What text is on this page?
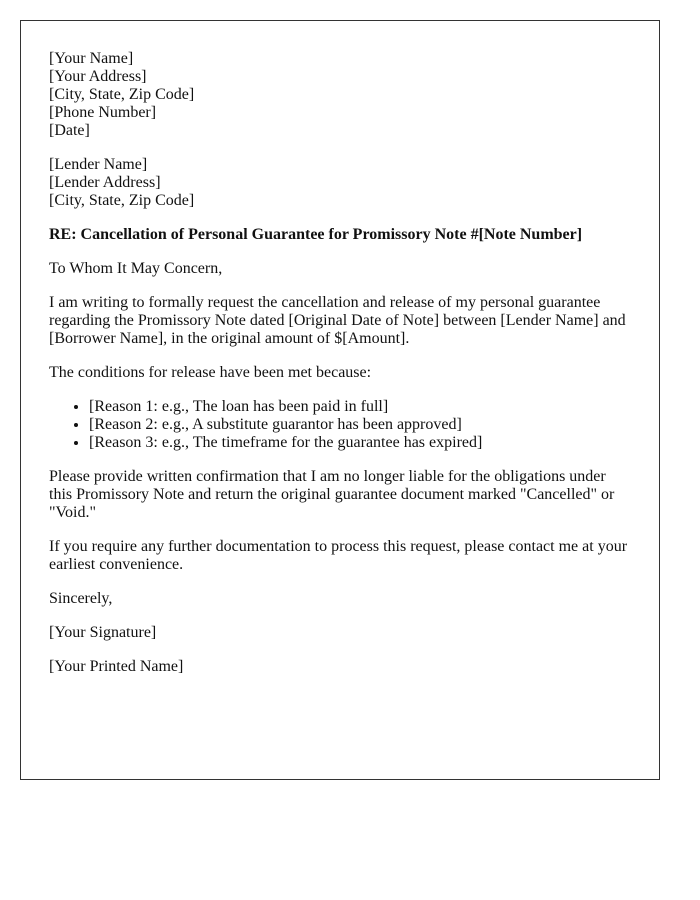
[Your Name]
[Your Address]
[City, State, Zip Code]
[Phone Number]
[Date]
[Lender Name]
[Lender Address]
[City, State, Zip Code]
RE: Cancellation of Personal Guarantee for Promissory Note #[Note Number]

To Whom It May Concern,

I am writing to formally request the cancellation and release of my personal guarantee regarding the Promissory Note dated [Original Date of Note] between [Lender Name] and [Borrower Name], in the original amount of $[Amount].

The conditions for release have been met because:

• [Reason 1: e.g., The loan has been paid in full]
• [Reason 2: e.g., A substitute guarantor has been approved]
• [Reason 3: e.g., The timeframe for the guarantee has expired]

Please provide written confirmation that I am no longer liable for the obligations under this Promissory Note and return the original guarantee document marked "Cancelled" or "Void."

If you require any further documentation to process this request, please contact me at your earliest convenience.

Sincerely,

[Your Signature]

[Your Printed Name]
